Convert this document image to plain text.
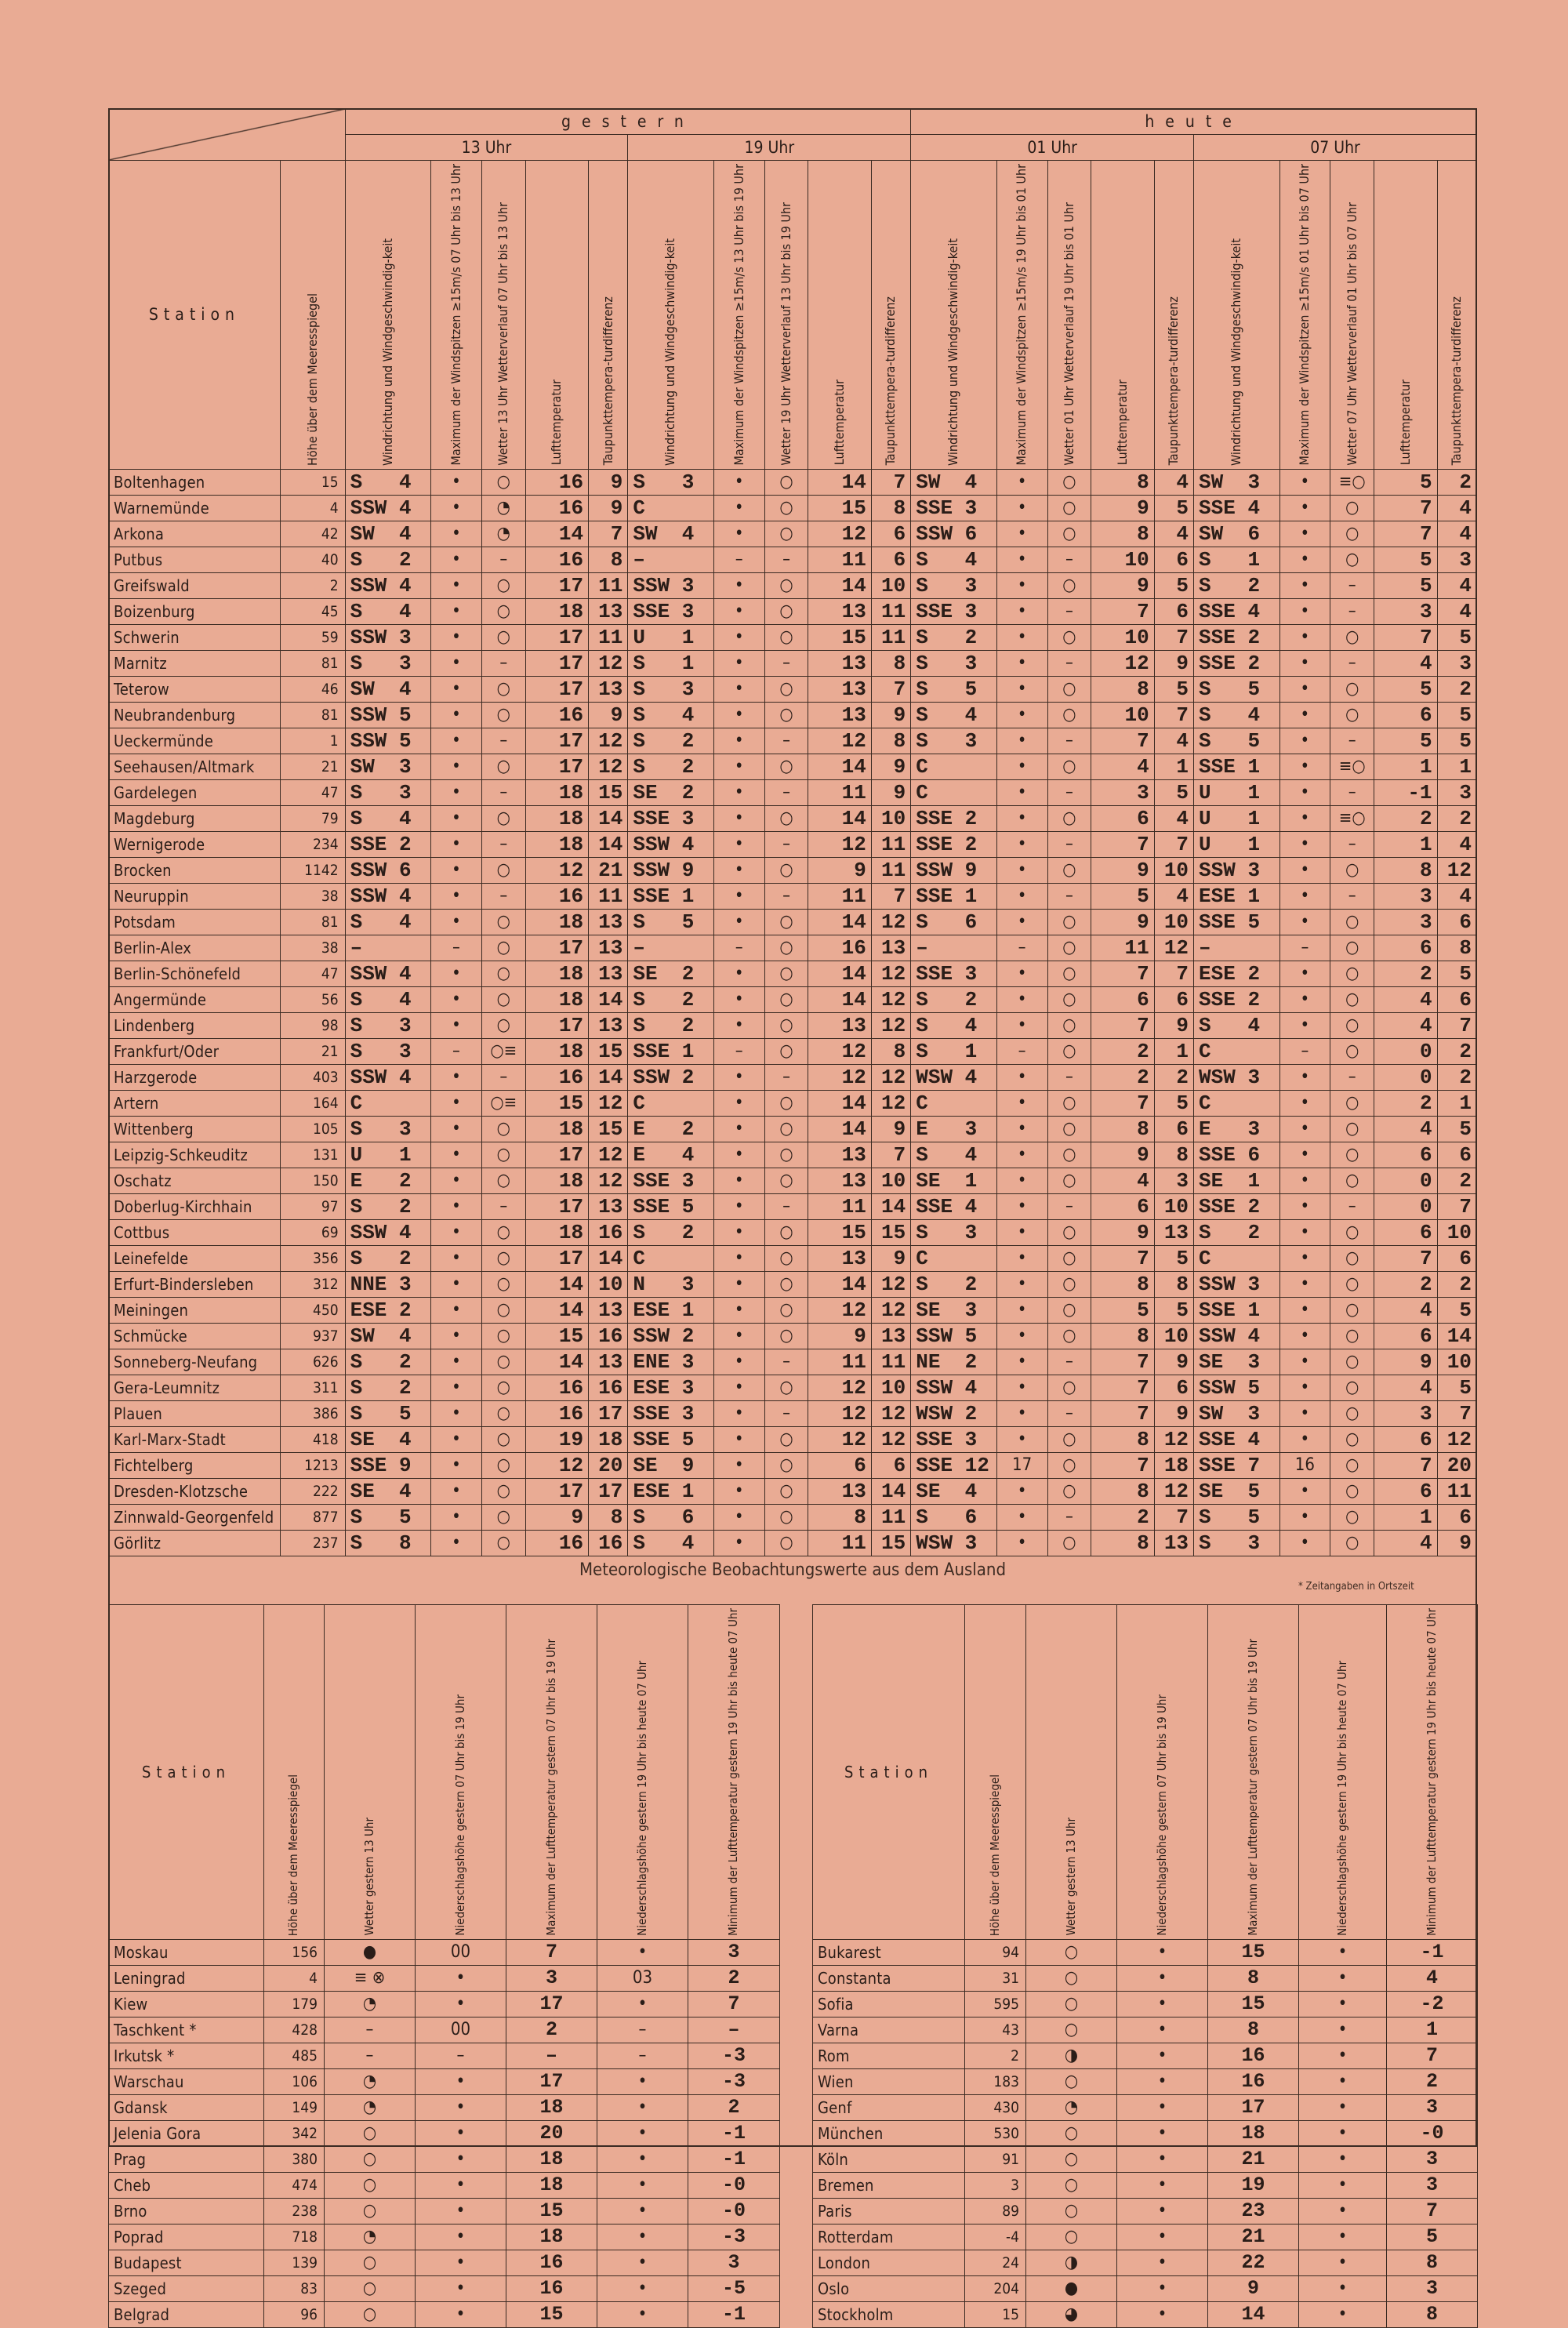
		gestern										heute									
		13 Uhr					19 Uhr					01 Uhr					07 Uhr				
Station	Höhe über dem Meeresspiegel	Windrichtung und Windgeschwindig-keit	Maximum der Windspitzen ≥15m/s 07 Uhr bis 13 Uhr	Wetter 13 Uhr Wetterverlauf 07 Uhr bis 13 Uhr	Lufttemperatur	Taupunkttempera-turdifferenz	Windrichtung und Windgeschwindig-keit	Maximum der Windspitzen ≥15m/s 13 Uhr bis 19 Uhr	Wetter 19 Uhr Wetterverlauf 13 Uhr bis 19 Uhr	Lufttemperatur	Taupunkttempera-turdifferenz	Windrichtung und Windgeschwindig-keit	Maximum der Windspitzen ≥15m/s 19 Uhr bis 01 Uhr	Wetter 01 Uhr Wetterverlauf 19 Uhr bis 01 Uhr	Lufttemperatur	Taupunkttempera-turdifferenz	Windrichtung und Windgeschwindig-keit	Maximum der Windspitzen ≥15m/s 01 Uhr bis 07 Uhr	Wetter 07 Uhr Wetterverlauf 01 Uhr bis 07 Uhr	Lufttemperatur	Taupunkttempera-turdifferenz

Boltenhagen	15	S   4	•	○	16	9	S   3	•	○	14	7	SW  4	•	○	8	4	SW  3	•	≡○	5	2
Warnemünde	4	SSW 4	•	◔	16	9	C	•	○	15	8	SSE 3	•	○	9	5	SSE 4	•	○	7	4
Arkona	42	SW  4	•	◔	14	7	SW  4	•	○	12	6	SSW 6	•	○	8	4	SW  6	•	○	7	4
Putbus	40	S   2	•	–	16	8	–	–	–	11	6	S   4	•	–	10	6	S   1	•	○	5	3
Greifswald	2	SSW 4	•	○	17	11	SSW 3	•	○	14	10	S   3	•	○	9	5	S   2	•	–	5	4
Boizenburg	45	S   4	•	○	18	13	SSE 3	•	○	13	11	SSE 3	•	–	7	6	SSE 4	•	–	3	4
Schwerin	59	SSW 3	•	○	17	11	U   1	•	○	15	11	S   2	•	○	10	7	SSE 2	•	○	7	5
Marnitz	81	S   3	•	–	17	12	S   1	•	–	13	8	S   3	•	–	12	9	SSE 2	•	–	4	3
Teterow	46	SW  4	•	○	17	13	S   3	•	○	13	7	S   5	•	○	8	5	S   5	•	○	5	2
Neubrandenburg	81	SSW 5	•	○	16	9	S   4	•	○	13	9	S   4	•	○	10	7	S   4	•	○	6	5
Ueckermünde	1	SSW 5	•	–	17	12	S   2	•	–	12	8	S   3	•	–	7	4	S   5	•	–	5	5
Seehausen/Altmark	21	SW  3	•	○	17	12	S   2	•	○	14	9	C	•	○	4	1	SSE 1	•	≡○	1	1
Gardelegen	47	S   3	•	–	18	15	SE  2	•	–	11	9	C	•	–	3	5	U   1	•	–	-1	3
Magdeburg	79	S   4	•	○	18	14	SSE 3	•	○	14	10	SSE 2	•	○	6	4	U   1	•	≡○	2	2
Wernigerode	234	SSE 2	•	–	18	14	SSW 4	•	–	12	11	SSE 2	•	–	7	7	U   1	•	–	1	4
Brocken	1142	SSW 6	•	○	12	21	SSW 9	•	○	9	11	SSW 9	•	○	9	10	SSW 3	•	○	8	12
Neuruppin	38	SSW 4	•	–	16	11	SSE 1	•	–	11	7	SSE 1	•	–	5	4	ESE 1	•	–	3	4
Potsdam	81	S   4	•	○	18	13	S   5	•	○	14	12	S   6	•	○	9	10	SSE 5	•	○	3	6
Berlin-Alex	38	–	–	○	17	13	–	–	○	16	13	–	–	○	11	12	–	–	○	6	8
Berlin-Schönefeld	47	SSW 4	•	○	18	13	SE  2	•	○	14	12	SSE 3	•	○	7	7	ESE 2	•	○	2	5
Angermünde	56	S   4	•	○	18	14	S   2	•	○	14	12	S   2	•	○	6	6	SSE 2	•	○	4	6
Lindenberg	98	S   3	•	○	17	13	S   2	•	○	13	12	S   4	•	○	7	9	S   4	•	○	4	7
Frankfurt/Oder	21	S   3	–	○≡	18	15	SSE 1	–	○	12	8	S   1	–	○	2	1	C	–	○	0	2
Harzgerode	403	SSW 4	•	–	16	14	SSW 2	•	–	12	12	WSW 4	•	–	2	2	WSW 3	•	–	0	2
Artern	164	C	•	○≡	15	12	C	•	○	14	12	C	•	○	7	5	C	•	○	2	1
Wittenberg	105	S   3	•	○	18	15	E   2	•	○	14	9	E   3	•	○	8	6	E   3	•	○	4	5
Leipzig-Schkeuditz	131	U   1	•	○	17	12	E   4	•	○	13	7	S   4	•	○	9	8	SSE 6	•	○	6	6
Oschatz	150	E   2	•	○	18	12	SSE 3	•	○	13	10	SE  1	•	○	4	3	SE  1	•	○	0	2
Doberlug-Kirchhain	97	S   2	•	–	17	13	SSE 5	•	–	11	14	SSE 4	•	–	6	10	SSE 2	•	–	0	7
Cottbus	69	SSW 4	•	○	18	16	S   2	•	○	15	15	S   3	•	○	9	13	S   2	•	○	6	10
Leinefelde	356	S   2	•	○	17	14	C	•	○	13	9	C	•	○	7	5	C	•	○	7	6
Erfurt-Bindersleben	312	NNE 3	•	○	14	10	N   3	•	○	14	12	S   2	•	○	8	8	SSW 3	•	○	2	2
Meiningen	450	ESE 2	•	○	14	13	ESE 1	•	○	12	12	SE  3	•	○	5	5	SSE 1	•	○	4	5
Schmücke	937	SW  4	•	○	15	16	SSW 2	•	○	9	13	SSW 5	•	○	8	10	SSW 4	•	○	6	14
Sonneberg-Neufang	626	S   2	•	○	14	13	ENE 3	•	–	11	11	NE  2	•	–	7	9	SE  3	•	○	9	10
Gera-Leumnitz	311	S   2	•	○	16	16	ESE 3	•	○	12	10	SSW 4	•	○	7	6	SSW 5	•	○	4	5
Plauen	386	S   5	•	○	16	17	SSE 3	•	–	12	12	WSW 2	•	–	7	9	SW  3	•	○	3	7
Karl-Marx-Stadt	418	SE  4	•	○	19	18	SSE 5	•	○	12	12	SSE 3	•	○	8	12	SSE 4	•	○	6	12
Fichtelberg	1213	SSE 9	•	○	12	20	SE  9	•	○	6	6	SSE 12	17	○	7	18	SSE 7	16	○	7	20
Dresden-Klotzsche	222	SE  4	•	○	17	17	ESE 1	•	○	13	14	SE  4	•	○	8	12	SE  5	•	○	6	11
Zinnwald-Georgenfeld	877	S   5	•	○	9	8	S   6	•	○	8	11	S   6	•	–	2	7	S   5	•	○	1	6
Görlitz	237	S   8	•	○	16	16	S   4	•	○	11	15	WSW 3	•	○	8	13	S   3	•	○	4	9
Meteorologische Beobachtungswerte aus dem Ausland
* Zeitangaben in Ortszeit
Station	Höhe über dem Meeresspiegel	Wetter gestern 13 Uhr	Niederschlagshöhe gestern 07 Uhr bis 19 Uhr	Maximum der Lufttemperatur gestern 07 Uhr bis 19 Uhr	Niederschlagshöhe gestern 19 Uhr bis heute 07 Uhr	Minimum der Lufttemperatur gestern 19 Uhr bis heute 07 Uhr

Moskau	156	●	00	7	•	3
Leningrad	4	≡ ⊗	•	3	03	2
Kiew	179	◔	•	17	•	7
Taschkent *	428	–	00	2	–	–
Irkutsk *	485	–	–	–	–	-3
Warschau	106	◔	•	17	•	-3
Gdansk	149	◔	•	18	•	2
Jelenia Gora	342	○	•	20	•	-1
Prag	380	○	•	18	•	-1
Cheb	474	○	•	18	•	-0
Brno	238	○	•	15	•	-0
Poprad	718	◔	•	18	•	-3
Budapest	139	○	•	16	•	3
Szeged	83	○	•	16	•	-5
Belgrad	96	○	•	15	•	-1
Station	Höhe über dem Meeresspiegel	Wetter gestern 13 Uhr	Niederschlagshöhe gestern 07 Uhr bis 19 Uhr	Maximum der Lufttemperatur gestern 07 Uhr bis 19 Uhr	Niederschlagshöhe gestern 19 Uhr bis heute 07 Uhr	Minimum der Lufttemperatur gestern 19 Uhr bis heute 07 Uhr

Bukarest	94	○	•	15	•	-1
Constanta	31	○	•	8	•	4
Sofia	595	○	•	15	•	-2
Varna	43	○	•	8	•	1
Rom	2	◑	•	16	•	7
Wien	183	○	•	16	•	2
Genf	430	◔	•	17	•	3
München	530	○	•	18	•	-0
Köln	91	○	•	21	•	3
Bremen	3	○	•	19	•	3
Paris	89	○	•	23	•	7
Rotterdam	-4	○	•	21	•	5
London	24	◑	•	22	•	8
Oslo	204	●	•	9	•	3
Stockholm	15	◕	•	14	•	8
